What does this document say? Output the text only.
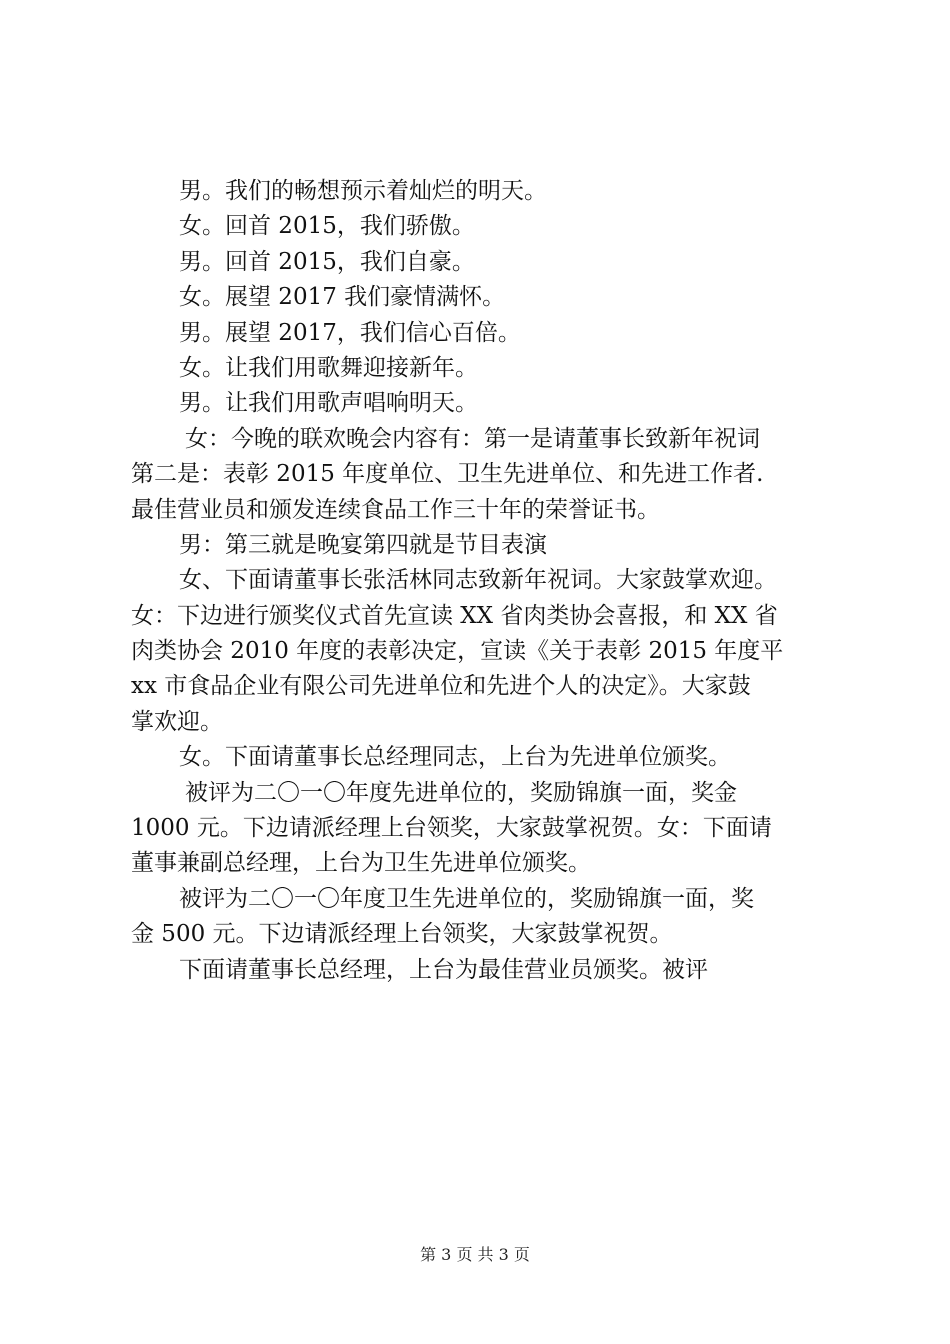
男。我们的畅想预示着灿烂的明天。
女。回首 2015，我们骄傲。
男。回首 2015，我们自豪。
女。展望 2017 我们豪情满怀。
男。展望 2017，我们信心百倍。
女。让我们用歌舞迎接新年。
男。让我们用歌声唱响明天。
女：今晚的联欢晚会内容有：第一是请董事长致新年祝词
第二是：表彰 2015 年度单位、卫生先进单位、和先进工作者.
最佳营业员和颁发连续食品工作三十年的荣誉证书。
男：第三就是晚宴第四就是节目表演
女、下面请董事长张活林同志致新年祝词。大家鼓掌欢迎。
女：下边进行颁奖仪式首先宣读 XX 省肉类协会喜报，和 XX 省
肉类协会 2010 年度的表彰决定，宣读《关于表彰 2015 年度平
xx 市食品企业有限公司先进单位和先进个人的决定》。大家鼓
掌欢迎。
女。下面请董事长总经理同志，上台为先进单位颁奖。
被评为二〇一〇年度先进单位的，奖励锦旗一面，奖金
1000 元。下边请派经理上台领奖，大家鼓掌祝贺。女：下面请
董事兼副总经理，上台为卫生先进单位颁奖。
被评为二〇一〇年度卫生先进单位的，奖励锦旗一面，奖
金 500 元。下边请派经理上台领奖，大家鼓掌祝贺。
下面请董事长总经理，上台为最佳营业员颁奖。被评
第 3 页 共 3 页
